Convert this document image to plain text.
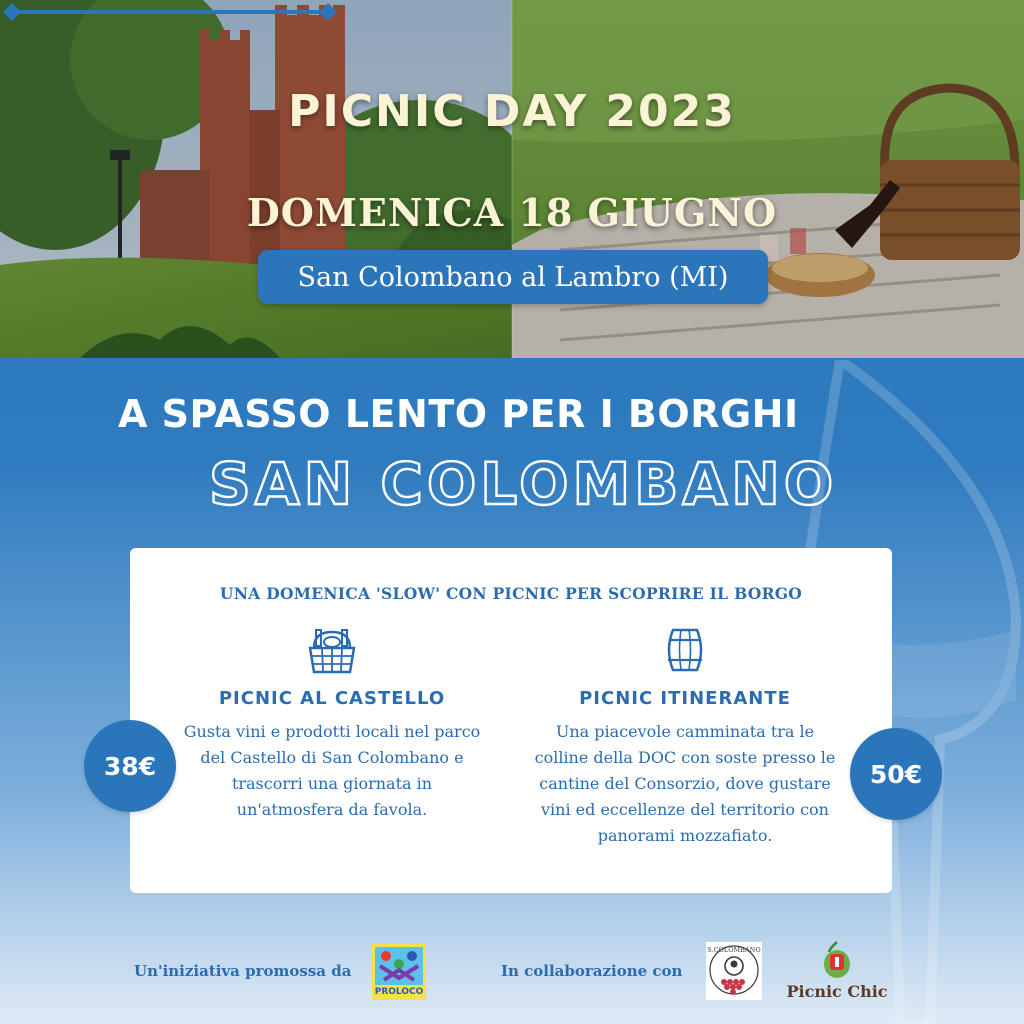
PICNIC DAY 2023
DOMENICA 18 GIUGNO
San Colombano al Lambro (MI)
A SPASSO LENTO PER I BORGHI
SAN COLOMBANO
UNA DOMENICA 'SLOW' CON PICNIC PER SCOPRIRE IL BORGO
PICNIC AL CASTELLO
Gusta vini e prodotti locali nel parco del Castello di San Colombano e trascorri una giornata in un'atmosfera da favola.
PICNIC ITINERANTE
Una piacevole camminata tra le colline della DOC con soste presso le cantine del Consorzio, dove gustare vini ed eccellenze del territorio con panorami mozzafiato.
38€	50€
Un'iniziativa promossa da
PROLOCO
In collaborazione con
S.COLOMBANO
Picnic Chic
